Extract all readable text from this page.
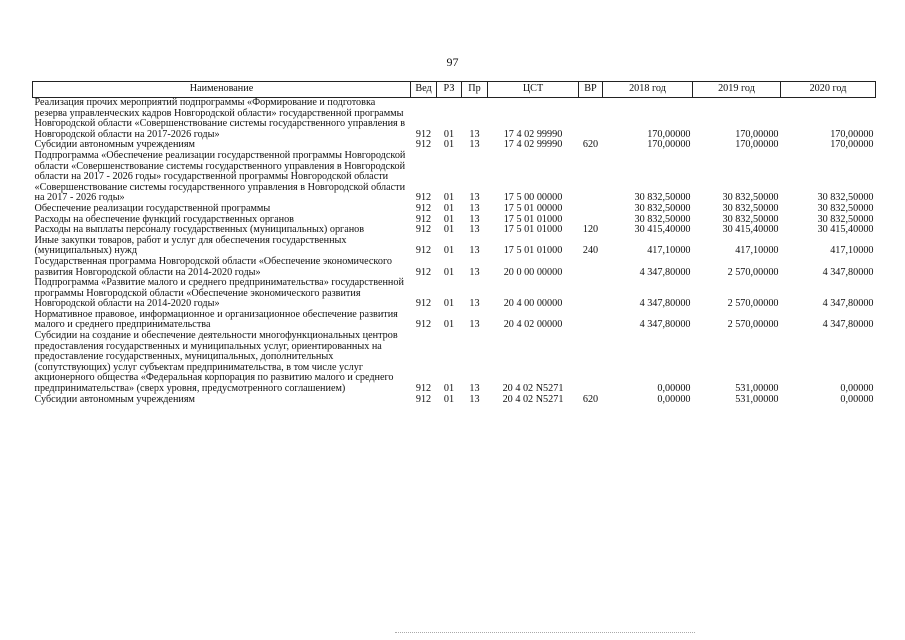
97
Наименование	Вед	РЗ	Пр	ЦСТ	ВР	2018 год	2019 год	2020 год
Реализация прочих мероприятий подпрограммы «Формирование и подготовка резерва управленческих кадров Новгородской области» государственной программы Новгородской области «Совершенствование системы государственного управления в Новгородской области на 2017-2026 годы»	912	01	13	17 4 02 99990		170,00000	170,00000	170,00000
Субсидии автономным учреждениям	912	01	13	17 4 02 99990	620	170,00000	170,00000	170,00000
Подпрограмма «Обеспечение реализации государственной программы Новгородской области «Совершенствование системы государственного управления в Новгородской области на 2017 - 2026 годы» государственной программы Новгородской области «Совершенствование системы государственного управления в Новгородской области на 2017 - 2026 годы»	912	01	13	17 5 00 00000		30 832,50000	30 832,50000	30 832,50000
Обеспечение реализации государственной программы	912	01	13	17 5 01 00000		30 832,50000	30 832,50000	30 832,50000
Расходы на обеспечение функций государственных органов	912	01	13	17 5 01 01000		30 832,50000	30 832,50000	30 832,50000
Расходы на выплаты персоналу государственных (муниципальных) органов	912	01	13	17 5 01 01000	120	30 415,40000	30 415,40000	30 415,40000
Иные закупки товаров, работ и услуг для обеспечения государственных (муниципальных) нужд	912	01	13	17 5 01 01000	240	417,10000	417,10000	417,10000
Государственная программа Новгородской области «Обеспечение экономического развития Новгородской области на 2014-2020 годы»	912	01	13	20 0 00 00000		4 347,80000	2 570,00000	4 347,80000
Подпрограмма «Развитие малого и среднего предпринимательства» государственной программы Новгородской области «Обеспечение экономического развития Новгородской области на 2014-2020 годы»	912	01	13	20 4 00 00000		4 347,80000	2 570,00000	4 347,80000
Нормативное правовое, информационное и организационное обеспечение развития малого и среднего предпринимательства	912	01	13	20 4 02 00000		4 347,80000	2 570,00000	4 347,80000
Субсидии на создание и обеспечение деятельности многофункциональных центров предоставления государственных и муниципальных услуг, ориентированных на предоставление государственных, муниципальных, дополнительных (сопутствующих) услуг субъектам предпринимательства, в том числе услуг акционерного общества «Федеральная корпорация по развитию малого и среднего предпринимательства» (сверх уровня, предусмотренного соглашением)	912	01	13	20 4 02 N5271		0,00000	531,00000	0,00000
Субсидии автономным учреждениям	912	01	13	20 4 02 N5271	620	0,00000	531,00000	0,00000
